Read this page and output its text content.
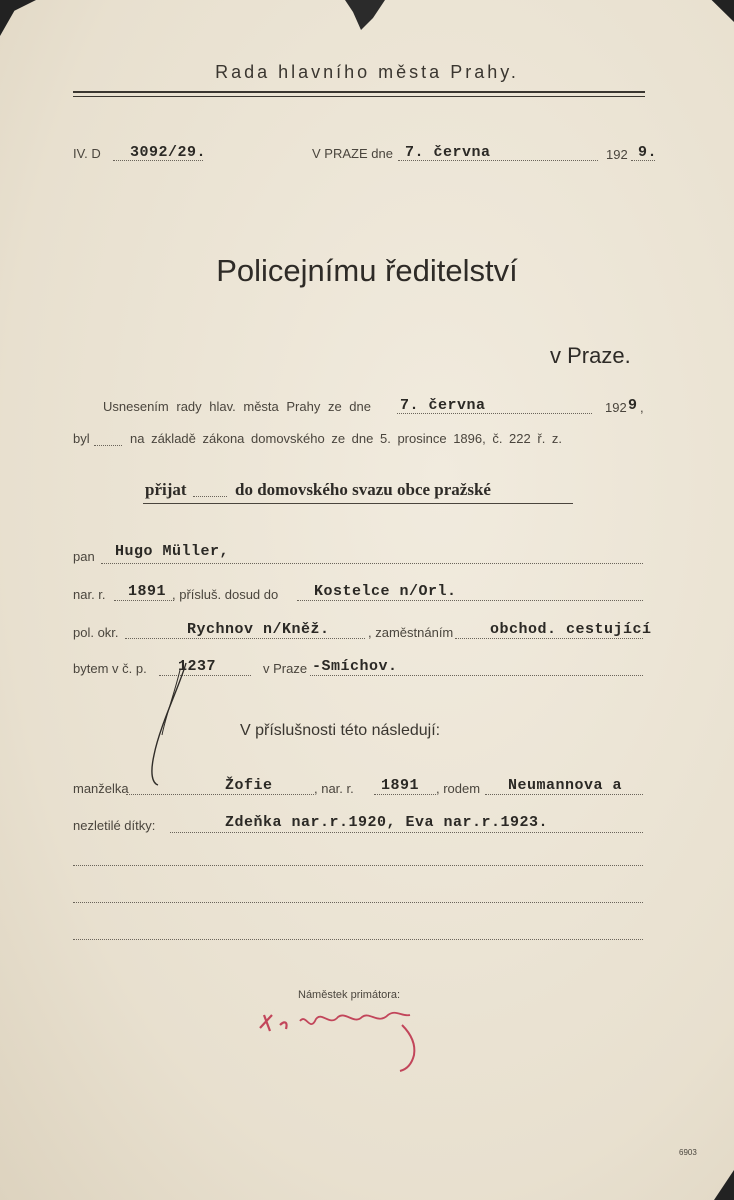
Rada hlavního města Prahy.
IV. D 3092/29.	V PRAZE dne 7. června	192 9.
Policejnímu ředitelství
v Praze.
Usnesením rady hlav. města Prahy ze dne 7. června	192 9 ,
byl	na základě zákona domovského ze dne 5. prosince 1896, č. 222 ř. z.
přijat	do domovského svazu obce pražské
pan Hugo Müller,
nar. r. 1891 , přísluš. dosud do Kostelce n/Orl.
pol. okr.	Rychnov n/Kněž.	, zaměstnáním obchod. cestující
bytem v č. p. 1237	v Praze -Smíchov.
V příslušnosti této následují:
manželka	Žofie	, nar. r. 1891 , rodem Neumannova a
nezletilé dítky:	Zdeňka nar.r.1920, Eva nar.r.1923.
Náměstek primátora:
6903
